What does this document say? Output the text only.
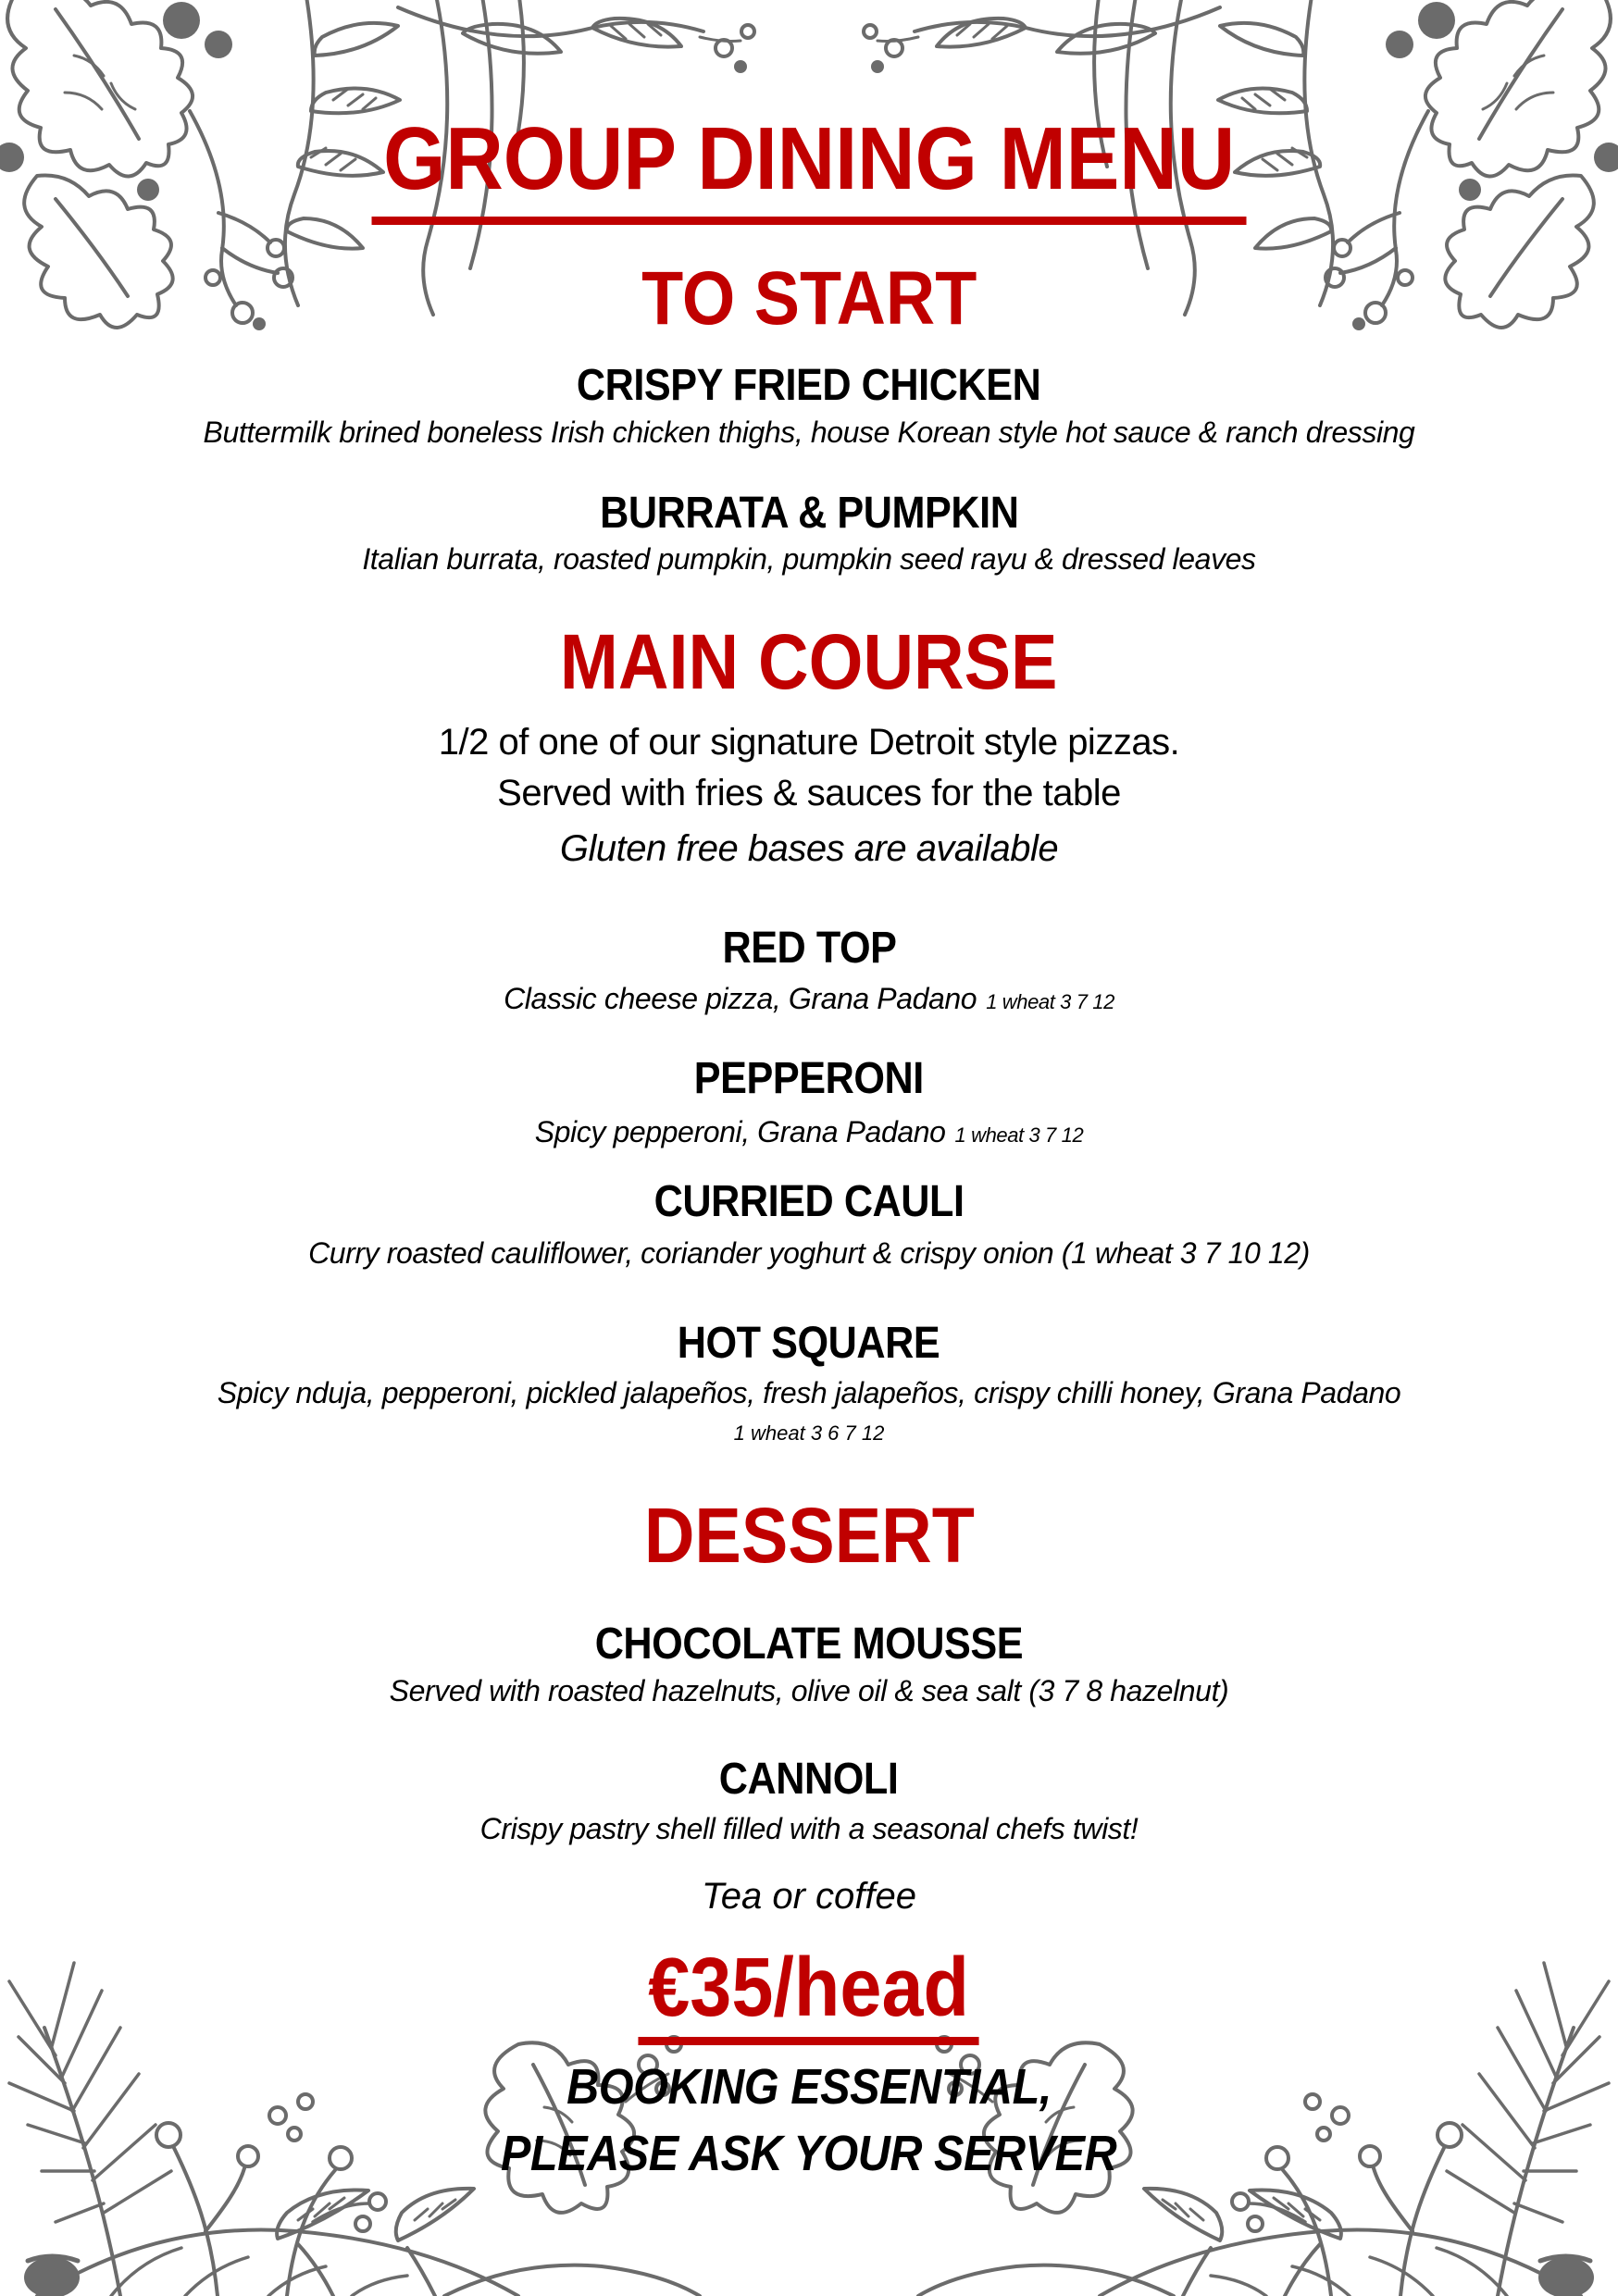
GROUP DINING MENU
TO START
CRISPY FRIED CHICKEN
Buttermilk brined boneless Irish chicken thighs, house Korean style hot sauce & ranch dressing
BURRATA & PUMPKIN
Italian burrata, roasted pumpkin, pumpkin seed rayu & dressed leaves
MAIN COURSE
1/2 of one of our signature Detroit style pizzas.
Served with fries & sauces for the table
Gluten free bases are available
RED TOP
Classic cheese pizza, Grana Padano 1 wheat 3 7 12
PEPPERONI
Spicy pepperoni, Grana Padano 1 wheat 3 7 12
CURRIED CAULI
Curry roasted cauliflower, coriander yoghurt & crispy onion (1 wheat 3 7 10 12)
HOT SQUARE
Spicy nduja, pepperoni, pickled jalapeños, fresh jalapeños, crispy chilli honey, Grana Padano
1 wheat 3 6 7 12
DESSERT
CHOCOLATE MOUSSE
Served with roasted hazelnuts, olive oil & sea salt (3 7 8 hazelnut)
CANNOLI
Crispy pastry shell filled with a seasonal chefs twist!
Tea or coffee
€35/head
BOOKING ESSENTIAL,
PLEASE ASK YOUR SERVER
